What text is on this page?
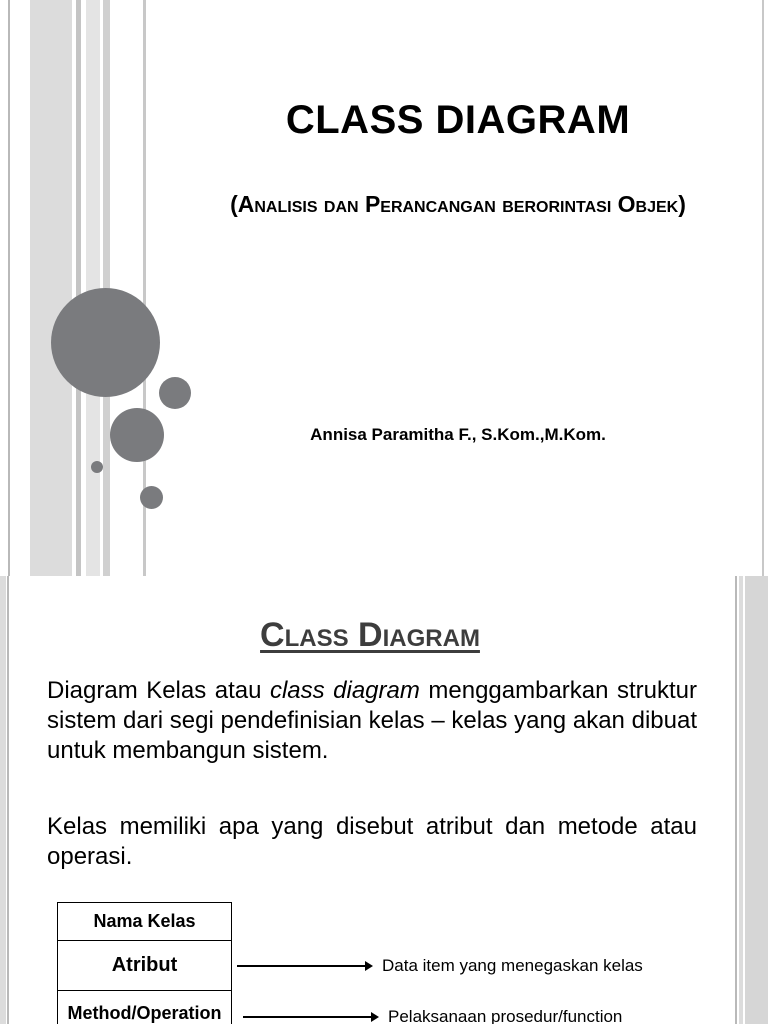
CLASS DIAGRAM
(Analisis dan Perancangan berorintasi Objek)
Annisa Paramitha F., S.Kom.,M.Kom.
Class Diagram
Diagram Kelas atau class diagram menggambarkan struktur sistem dari segi pendefinisian kelas – kelas yang akan dibuat untuk membangun sistem.
Kelas memiliki apa yang disebut atribut dan metode atau operasi.
Nama Kelas
Atribut
Method/Operation
Data item yang menegaskan kelas
Pelaksanaan prosedur/function
